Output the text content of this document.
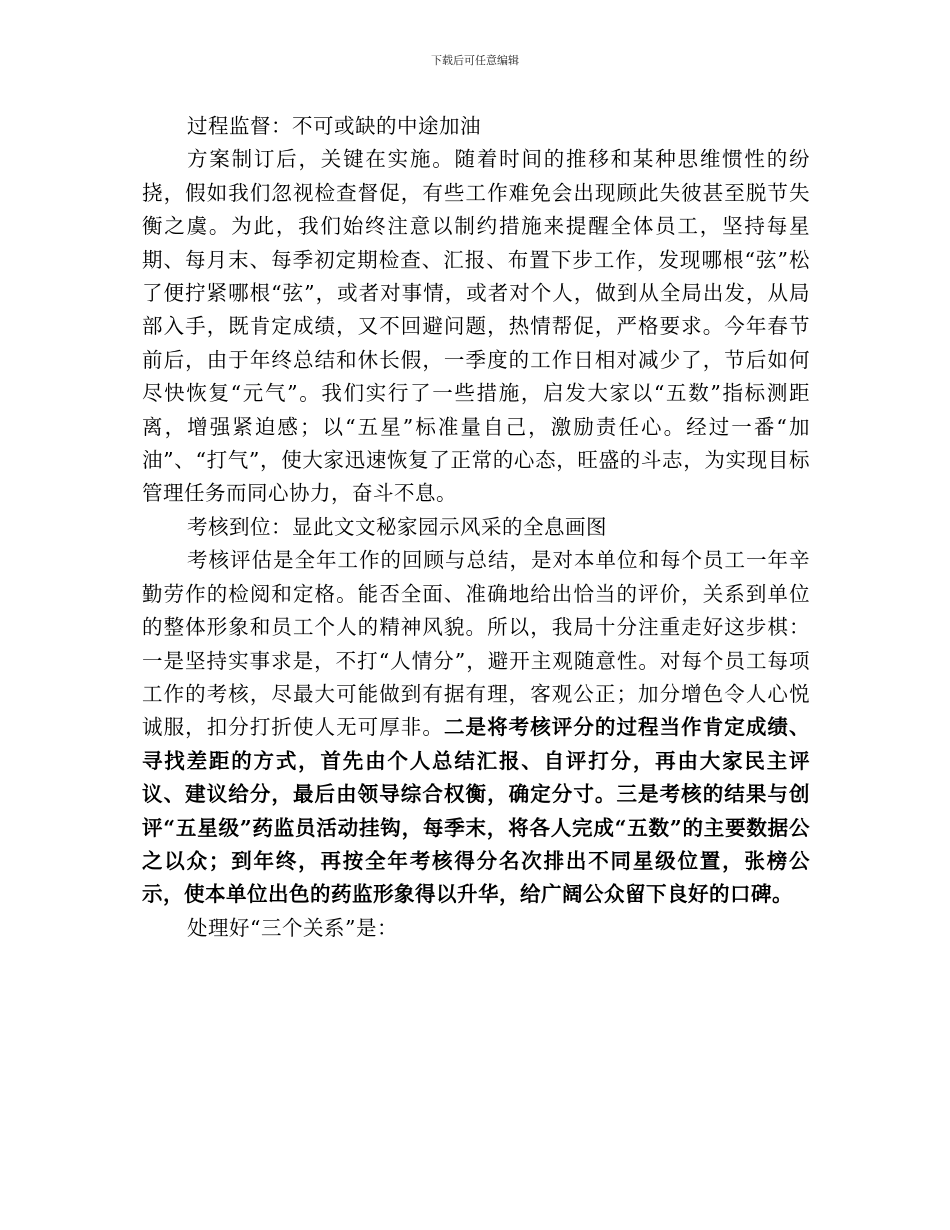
下载后可任意编辑

过程监督：不可或缺的中途加油

方案制订后，关键在实施。随着时间的推移和某种思维惯性的纷挠，假如我们忽视检查督促，有些工作难免会出现顾此失彼甚至脱节失衡之虞。为此，我们始终注意以制约措施来提醒全体员工，坚持每星期、每月末、每季初定期检查、汇报、布置下步工作，发现哪根“弦”松了便拧紧哪根“弦”，或者对事情，或者对个人，做到从全局出发，从局部入手，既肯定成绩，又不回避问题，热情帮促，严格要求。今年春节前后，由于年终总结和休长假，一季度的工作日相对减少了，节后如何尽快恢复“元气”。我们实行了一些措施，启发大家以“五数”指标测距离，增强紧迫感；以“五星”标准量自己，激励责任心。经过一番“加油”、“打气”，使大家迅速恢复了正常的心态，旺盛的斗志，为实现目标管理任务而同心协力，奋斗不息。

考核到位：显此文文秘家园示风采的全息画图

考核评估是全年工作的回顾与总结，是对本单位和每个员工一年辛勤劳作的检阅和定格。能否全面、准确地给出恰当的评价，关系到单位的整体形象和员工个人的精神风貌。所以，我局十分注重走好这步棋：一是坚持实事求是，不打“人情分”，避开主观随意性。对每个员工每项工作的考核，尽最大可能做到有据有理，客观公正；加分增色令人心悦诚服，扣分打折使人无可厚非。二是将考核评分的过程当作肯定成绩、寻找差距的方式，首先由个人总结汇报、自评打分，再由大家民主评议、建议给分，最后由领导综合权衡，确定分寸。三是考核的结果与创评“五星级”药监员活动挂钩，每季末，将各人完成“五数”的主要数据公之以众；到年终，再按全年考核得分名次排出不同星级位置，张榜公示，使本单位出色的药监形象得以升华，给广阔公众留下良好的口碑。

处理好“三个关系”是：
